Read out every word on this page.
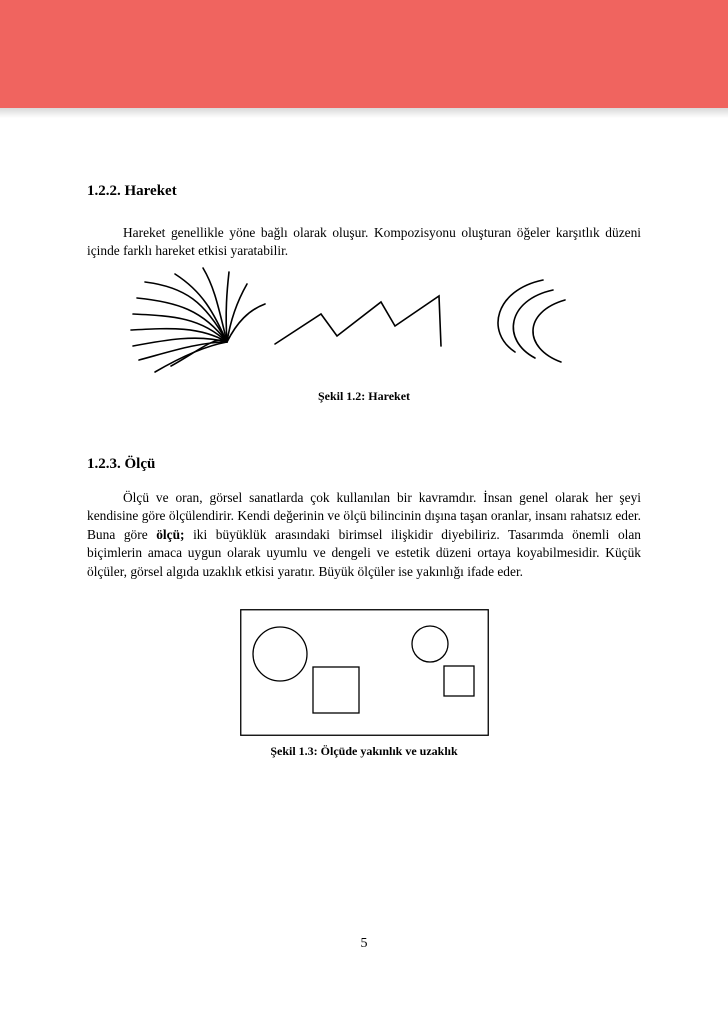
1.2.2. Hareket

Hareket genellikle yöne bağlı olarak oluşur. Kompozisyonu oluşturan öğeler karşıtlık düzeni içinde farklı hareket etkisi yaratabilir.

Şekil 1.2: Hareket

1.2.3. Ölçü

Ölçü ve oran, görsel sanatlarda çok kullanılan bir kavramdır. İnsan genel olarak her şeyi kendisine göre ölçülendirir. Kendi değerinin ve ölçü bilincinin dışına taşan oranlar, insanı rahatsız eder. Buna göre ölçü; iki büyüklük arasındaki birimsel ilişkidir diyebiliriz. Tasarımda önemli olan biçimlerin amaca uygun olarak uyumlu ve dengeli ve estetik düzeni ortaya koyabilmesidir. Küçük ölçüler, görsel algıda uzaklık etkisi yaratır. Büyük ölçüler ise yakınlığı ifade eder.

Şekil 1.3: Ölçüde yakınlık ve uzaklık

5
